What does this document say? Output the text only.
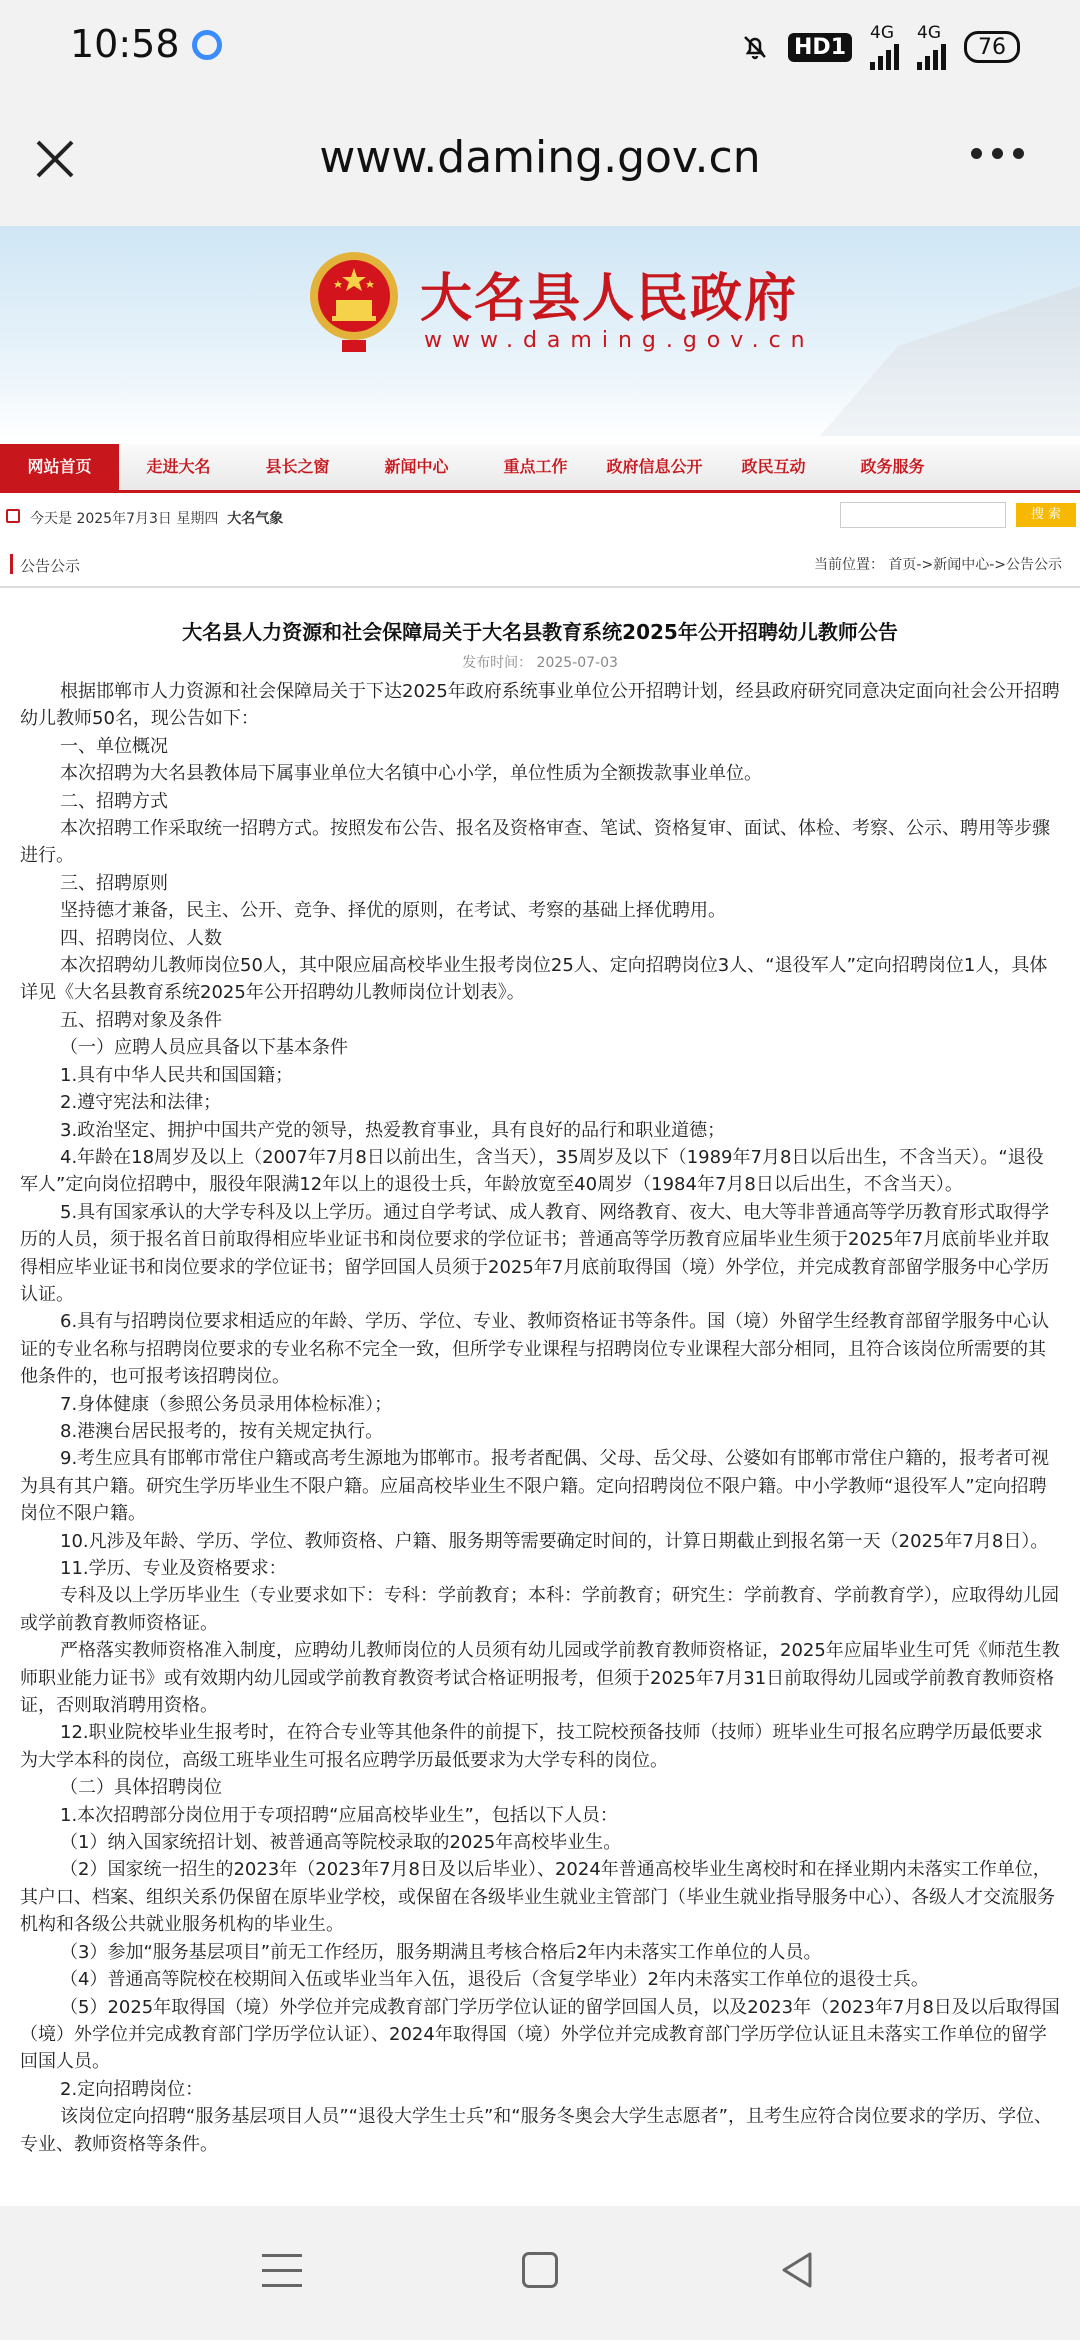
10:58	HD1
4G 4G
76
www.daming.gov.cn
大名县人民政府
www.daming.gov.cn
网站首页	走进大名	县长之窗	新闻中心	重点工作	政府信息公开	政民互动	政务服务
今天是 2025年7月3日 星期四 大名气象	搜 索
公告公示	当前位置： 首页->新闻中心->公告公示
大名县人力资源和社会保障局关于大名县教育系统2025年公开招聘幼儿教师公告
发布时间： 2025-07-03

根据邯郸市人力资源和社会保障局关于下达2025年政府系统事业单位公开招聘计划，经县政府研究同意决定面向社会公开招聘幼儿教师50名，现公告如下：

一、单位概况

本次招聘为大名县教体局下属事业单位大名镇中心小学，单位性质为全额拨款事业单位。

二、招聘方式

本次招聘工作采取统一招聘方式。按照发布公告、报名及资格审查、笔试、资格复审、面试、体检、考察、公示、聘用等步骤进行。

三、招聘原则

坚持德才兼备，民主、公开、竞争、择优的原则，在考试、考察的基础上择优聘用。

四、招聘岗位、人数

本次招聘幼儿教师岗位50人，其中限应届高校毕业生报考岗位25人、定向招聘岗位3人、“退役军人”定向招聘岗位1人，具体详见《大名县教育系统2025年公开招聘幼儿教师岗位计划表》。

五、招聘对象及条件

（一）应聘人员应具备以下基本条件

1.具有中华人民共和国国籍；

2.遵守宪法和法律；

3.政治坚定、拥护中国共产党的领导，热爱教育事业，具有良好的品行和职业道德；

4.年龄在18周岁及以上（2007年7月8日以前出生，含当天），35周岁及以下（1989年7月8日以后出生，不含当天）。“退役军人”定向岗位招聘中，服役年限满12年以上的退役士兵，年龄放宽至40周岁（1984年7月8日以后出生，不含当天）。

5.具有国家承认的大学专科及以上学历。通过自学考试、成人教育、网络教育、夜大、电大等非普通高等学历教育形式取得学历的人员，须于报名首日前取得相应毕业证书和岗位要求的学位证书；普通高等学历教育应届毕业生须于2025年7月底前毕业并取得相应毕业证书和岗位要求的学位证书；留学回国人员须于2025年7月底前取得国（境）外学位，并完成教育部留学服务中心学历认证。

6.具有与招聘岗位要求相适应的年龄、学历、学位、专业、教师资格证书等条件。国（境）外留学生经教育部留学服务中心认证的专业名称与招聘岗位要求的专业名称不完全一致，但所学专业课程与招聘岗位专业课程大部分相同，且符合该岗位所需要的其他条件的，也可报考该招聘岗位。

7.身体健康（参照公务员录用体检标准）；

8.港澳台居民报考的，按有关规定执行。

9.考生应具有邯郸市常住户籍或高考生源地为邯郸市。报考者配偶、父母、岳父母、公婆如有邯郸市常住户籍的，报考者可视为具有其户籍。研究生学历毕业生不限户籍。应届高校毕业生不限户籍。定向招聘岗位不限户籍。中小学教师“退役军人”定向招聘岗位不限户籍。

10.凡涉及年龄、学历、学位、教师资格、户籍、服务期等需要确定时间的，计算日期截止到报名第一天（2025年7月8日）。

11.学历、专业及资格要求：

专科及以上学历毕业生（专业要求如下：专科：学前教育；本科：学前教育；研究生：学前教育、学前教育学），应取得幼儿园或学前教育教师资格证。

严格落实教师资格准入制度，应聘幼儿教师岗位的人员须有幼儿园或学前教育教师资格证，2025年应届毕业生可凭《师范生教师职业能力证书》或有效期内幼儿园或学前教育教资考试合格证明报考，但须于2025年7月31日前取得幼儿园或学前教育教师资格证，否则取消聘用资格。

12.职业院校毕业生报考时，在符合专业等其他条件的前提下，技工院校预备技师（技师）班毕业生可报名应聘学历最低要求为大学本科的岗位，高级工班毕业生可报名应聘学历最低要求为大学专科的岗位。

（二）具体招聘岗位

1.本次招聘部分岗位用于专项招聘“应届高校毕业生”，包括以下人员：

（1）纳入国家统招计划、被普通高等院校录取的2025年高校毕业生。

（2）国家统一招生的2023年（2023年7月8日及以后毕业）、2024年普通高校毕业生离校时和在择业期内未落实工作单位，其户口、档案、组织关系仍保留在原毕业学校，或保留在各级毕业生就业主管部门（毕业生就业指导服务中心）、各级人才交流服务机构和各级公共就业服务机构的毕业生。

（3）参加“服务基层项目”前无工作经历，服务期满且考核合格后2年内未落实工作单位的人员。

（4）普通高等院校在校期间入伍或毕业当年入伍，退役后（含复学毕业）2年内未落实工作单位的退役士兵。

（5）2025年取得国（境）外学位并完成教育部门学历学位认证的留学回国人员，以及2023年（2023年7月8日及以后取得国（境）外学位并完成教育部门学历学位认证）、2024年取得国（境）外学位并完成教育部门学历学位认证且未落实工作单位的留学回国人员。

2.定向招聘岗位：

该岗位定向招聘“服务基层项目人员”“退役大学生士兵”和“服务冬奥会大学生志愿者”，且考生应符合岗位要求的学历、学位、专业、教师资格等条件。
